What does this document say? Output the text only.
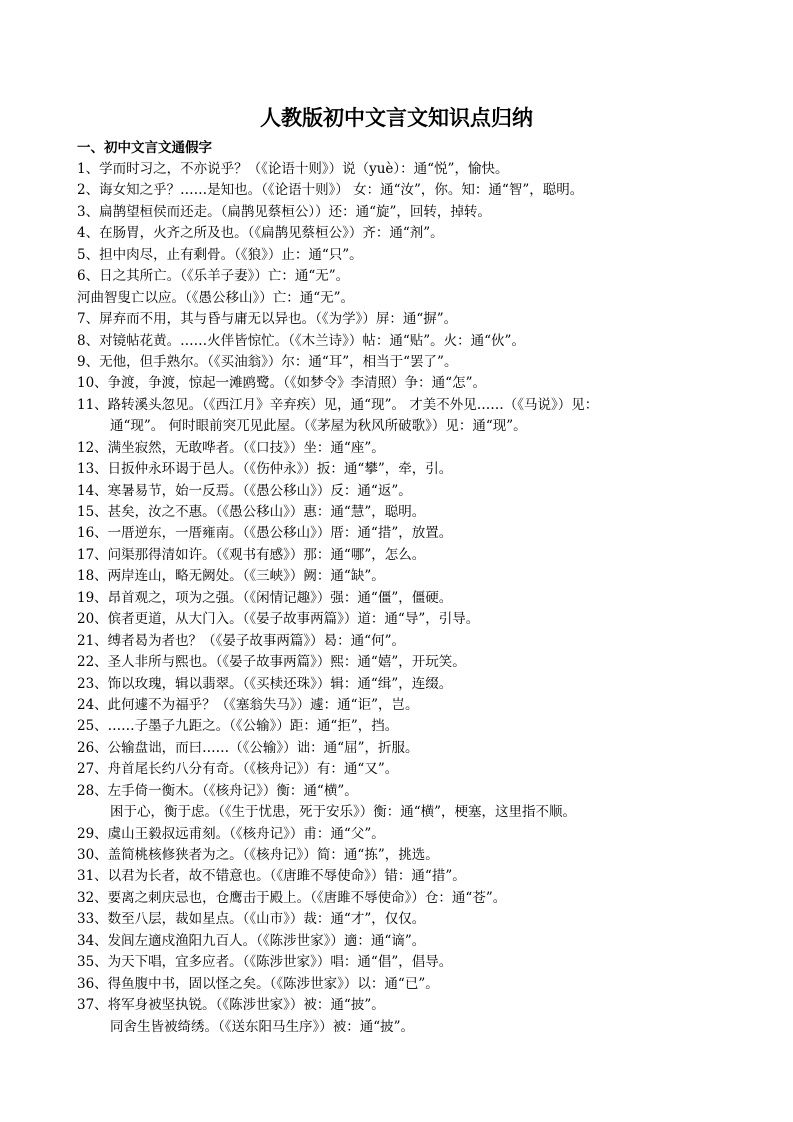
人教版初中文言文知识点归纳
一、初中文言文通假字
1、学而时习之，不亦说乎？（《论语十则》）说（yuè）：通“悦”，愉快。
2、诲女知之乎？……是知也。（《论语十则》） 女：通“汝”，你。知：通“智”，聪明。
3、扁鹊望桓侯而还走。（扁鹊见蔡桓公））还：通“旋”，回转，掉转。
4、在肠胃，火齐之所及也。（《扁鹊见蔡桓公》）齐：通“剂”。
5、担中肉尽，止有剩骨。（《狼》）止：通“只”。
6、日之其所亡。（《乐羊子妻》）亡：通“无”。
河曲智叟亡以应。（《愚公移山》）亡：通“无”。
7、屏弃而不用，其与昏与庸无以异也。（《为学》）屏：通“摒”。
8、对镜帖花黄。……火伴皆惊忙。（《木兰诗》）帖：通“贴”。火：通“伙”。
9、无他，但手熟尔。（《买油翁》）尔：通“耳”，相当于“罢了”。
10、争渡，争渡，惊起一滩鸥鹭。（《如梦令》李清照）争：通“怎”。
11、路转溪头忽见。（《西江月》辛弃疾）见，通“现”。 才美不外见……（《马说》）见：
通“现”。 何时眼前突兀见此屋。（《茅屋为秋风所破歌》）见：通“现”。
12、满坐寂然，无敢哗者。（《口技》）坐：通“座”。
13、日扳仲永环谒于邑人。（《伤仲永》）扳：通“攀”，牵，引。
14、寒暑易节，始一反焉。（《愚公移山》）反：通“返”。
15、甚矣，汝之不惠。（《愚公移山》）惠：通“慧”，聪明。
16、一厝逆东，一厝雍南。（《愚公移山》）厝：通“措”，放置。
17、问渠那得清如许。（《观书有感》）那：通“哪”，怎么。
18、两岸连山，略无阙处。（《三峡》）阙：通“缺”。
19、昂首观之，项为之强。（《闲情记趣》）强：通“僵”，僵硬。
20、傧者更道，从大门入。（《晏子故事两篇》）道：通“导”，引导。
21、缚者曷为者也？（《晏子故事两篇》）曷：通“何”。
22、圣人非所与熙也。（《晏子故事两篇》）熙：通“嬉”，开玩笑。
23、饰以玫瑰，辑以翡翠。（《买椟还珠》）辑：通“缉”，连缀。
24、此何遽不为福乎？（《塞翁失马》）遽：通“讵”，岂。
25、……子墨子九距之。（《公输》）距：通“拒”，挡。
26、公输盘诎，而曰……（《公输》）诎：通“屈”，折服。
27、舟首尾长约八分有奇。（《核舟记》）有：通“又”。
28、左手倚一衡木。（《核舟记》）衡：通“横”。
困于心，衡于虑。（《生于忧患，死于安乐》）衡：通“横”，梗塞，这里指不顺。
29、虞山王毅叔远甫刻。（《核舟记》）甫：通“父”。
30、盖简桃核修狭者为之。（《核舟记》）简：通“拣”，挑选。
31、以君为长者，故不错意也。（《唐雎不辱使命》）错：通“措”。
32、要离之刺庆忌也，仓鹰击于殿上。（《唐雎不辱使命》）仓：通“苍”。
33、数至八层，裁如星点。（《山市》）裁：通“才”，仅仅。
34、发闾左適戍渔阳九百人。（《陈涉世家》）適：通“谪”。
35、为天下唱，宜多应者。（《陈涉世家》）唱：通“倡”，倡导。
36、得鱼腹中书，固以怪之矣。（《陈涉世家》）以：通“已”。
37、将军身被坚执锐。（《陈涉世家》）被：通“披”。
同舍生皆被绮绣。（《送东阳马生序》）被：通“披”。
